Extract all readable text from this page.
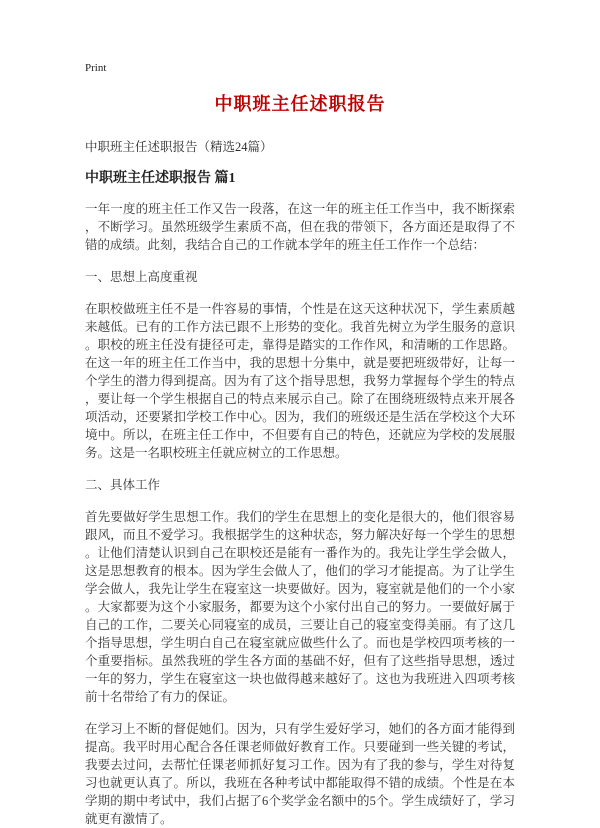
Print
中职班主任述职报告

中职班主任述职报告（精选24篇）

中职班主任述职报告 篇1

一年一度的班主任工作又告一段落，在这一年的班主任工作当中，我不断探索，不断学习。虽然班级学生素质不高，但在我的带领下，各方面还是取得了不错的成绩。此刻，我结合自己的工作就本学年的班主任工作作一个总结：

一、思想上高度重视

在职校做班主任不是一件容易的事情，个性是在这天这种状况下，学生素质越来越低。已有的工作方法已跟不上形势的变化。我首先树立为学生服务的意识。职校的班主任没有捷径可走，靠得是踏实的工作作风，和清晰的工作思路。在这一年的班主任工作当中，我的思想十分集中，就是要把班级带好，让每一个学生的潜力得到提高。因为有了这个指导思想，我努力掌握每个学生的特点，要让每一个学生根据自己的特点来展示自己。除了在围绕班级特点来开展各项活动，还要紧扣学校工作中心。因为，我们的班级还是生活在学校这个大环境中。所以，在班主任工作中，不但要有自己的特色，还就应为学校的发展服务。这是一名职校班主任就应树立的工作思想。

二、具体工作

首先要做好学生思想工作。我们的学生在思想上的变化是很大的，他们很容易跟风，而且不爱学习。我根据学生的这种状态，努力解决好每一个学生的思想。让他们清楚认识到自己在职校还是能有一番作为的。我先让学生学会做人，这是思想教育的根本。因为学生会做人了，他们的学习才能提高。为了让学生学会做人，我先让学生在寝室这一块要做好。因为，寝室就是他们的一个小家。大家都要为这个小家服务，都要为这个小家付出自己的努力。一要做好属于自己的工作，二要关心同寝室的成员，三要让自己的寝室变得美丽。有了这几个指导思想，学生明白自己在寝室就应做些什么了。而也是学校四项考核的一个重要指标。虽然我班的学生各方面的基础不好，但有了这些指导思想，透过一年的努力，学生在寝室这一块也做得越来越好了。这也为我班进入四项考核前十名带给了有力的保证。

在学习上不断的督促她们。因为，只有学生爱好学习，她们的各方面才能得到提高。我平时用心配合各任课老师做好教育工作。只要碰到一些关键的考试，我要去过问，去帮忙任课老师抓好复习工作。因为有了我的参与，学生对待复习也就更认真了。所以，我班在各种考试中都能取得不错的成绩。个性是在本学期的期中考试中，我们占据了6个奖学金名额中的5个。学生成绩好了，学习就更有激情了。
